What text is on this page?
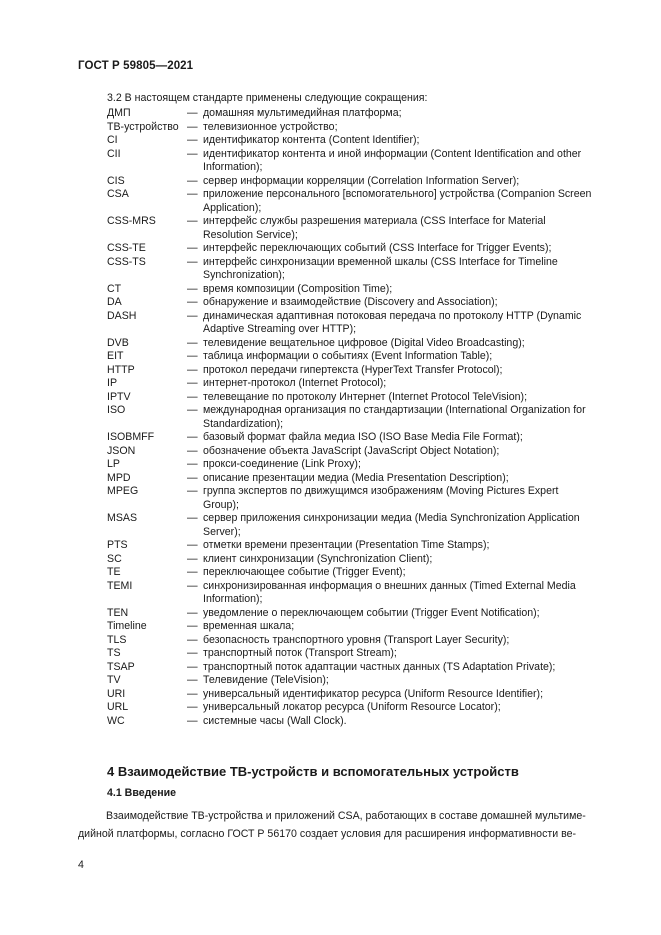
ГОСТ Р 59805—2021
3.2 В настоящем стандарте применены следующие сокращения:
ДМП	— домашняя мультимедийная платформа;
ТВ-устройство — телевизионное устройство;
CI	— идентификатор контента (Content Identifier);
CII	— идентификатор контента и иной информации (Content Identification and other
Information);
CIS	— сервер информации корреляции (Correlation Information Server);
CSA	— приложение персонального [вспомогательного] устройства (Companion Screen
Application);
CSS-MRS	— интерфейс службы разрешения материала (CSS Interface for Material
Resolution Service);
CSS-TE	— интерфейс переключающих событий (CSS Interface for Trigger Events);
CSS-TS	— интерфейс синхронизации временной шкалы (CSS Interface for Timeline
Synchronization);
CT	— время композиции (Composition Time);
DA	— обнаружение и взаимодействие (Discovery and Association);
DASH	— динамическая адаптивная потоковая передача по протоколу HTTP (Dynamic
Adaptive Streaming over HTTP);
DVB	— телевидение вещательное цифровое (Digital Video Broadcasting);
EIT	— таблица информации о событиях (Event Information Table);
HTTP	— протокол передачи гипертекста (HyperText Transfer Protocol);
IP	— интернет-протокол (Internet Protocol);
IPTV	— телевещание по протоколу Интернет (Internet Protocol TeleVision);
ISO	— международная организация по стандартизации (International Organization for
Standardization);
ISOBMFF	— базовый формат файла медиа ISO (ISO Base Media File Format);
JSON	— обозначение объекта JavaScript (JavaScript Object Notation);
LP	— прокси-соединение (Link Proxy);
MPD	— описание презентации медиа (Media Presentation Description);
MPEG	— группа экспертов по движущимся изображениям (Moving Pictures Expert
Group);
MSAS	— сервер приложения синхронизации медиа (Media Synchronization Application
Server);
PTS	— отметки времени презентации (Presentation Time Stamps);
SC	— клиент синхронизации (Synchronization Client);
TE	— переключающее событие (Trigger Event);
TEMI	— синхронизированная информация о внешних данных (Timed External Media
Information);
TEN	— уведомление о переключающем событии (Trigger Event Notification);
Timeline	— временная шкала;
TLS	— безопасность транспортного уровня (Transport Layer Security);
TS	— транспортный поток (Transport Stream);
TSAP	— транспортный поток адаптации частных данных (TS Adaptation Private);
TV	— Телевидение (TeleVision);
URI	— универсальный идентификатор ресурса (Uniform Resource Identifier);
URL	— универсальный локатор ресурса (Uniform Resource Locator);
WC	— системные часы (Wall Clock).
4 Взаимодействие ТВ-устройств и вспомогательных устройств
4.1 Введение
Взаимодействие ТВ-устройства и приложений CSA, работающих в составе домашней мультиме-
дийной платформы, согласно ГОСТ Р 56170 создает условия для расширения информативности ве-
4
